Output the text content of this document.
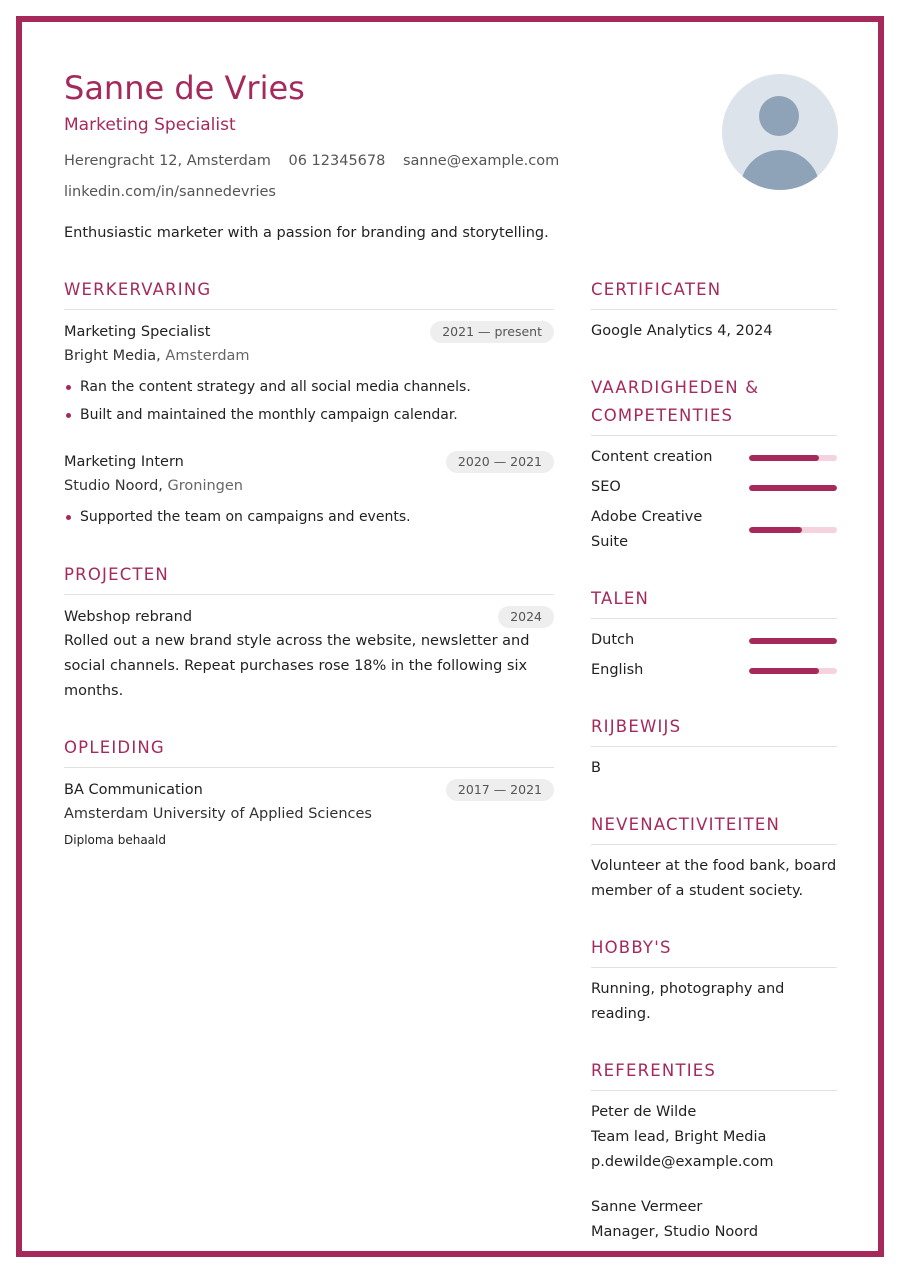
Sanne de Vries
Marketing Specialist
Herengracht 12, Amsterdam 06 12345678 sanne@example.com
linkedin.com/in/sannedevries
Enthusiastic marketer with a passion for branding and storytelling.
WERKERVARING
Marketing Specialist	2021 — present
Bright Media, Amsterdam
Ran the content strategy and all social media channels.
Built and maintained the monthly campaign calendar.
Marketing Intern	2020 — 2021
Studio Noord, Groningen
Supported the team on campaigns and events.
PROJECTEN
Webshop rebrand	2024
Rolled out a new brand style across the website, newsletter and social channels. Repeat purchases rose 18% in the following six months.
OPLEIDING
BA Communication	2017 — 2021
Amsterdam University of Applied Sciences
Diploma behaald
CERTIFICATEN
Google Analytics 4, 2024
VAARDIGHEDEN & COMPETENTIES
Content creation
SEO
Adobe Creative Suite
TALEN
Dutch
English
RIJBEWIJS
B
NEVENACTIVITEITEN
Volunteer at the food bank, board member of a student society.
HOBBY'S
Running, photography and reading.
REFERENTIES
Peter de Wilde
Team lead, Bright Media
p.dewilde@example.com
Sanne Vermeer
Manager, Studio Noord
